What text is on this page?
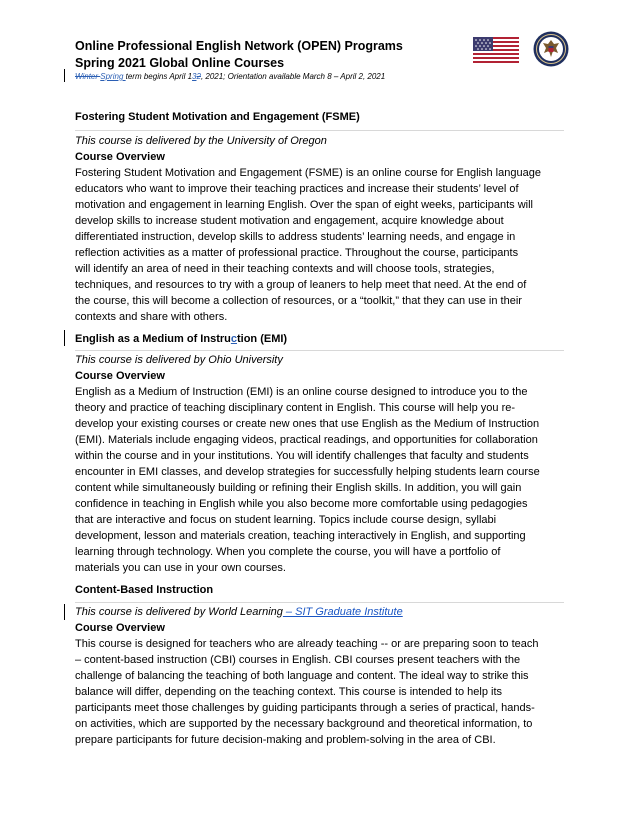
Online Professional English Network (OPEN) Programs
Spring 2021 Global Online Courses
Winter Spring term begins April 132, 2021; Orientation available March 8 – April 2, 2021
Fostering Student Motivation and Engagement (FSME)
This course is delivered by the University of Oregon
Course Overview
Fostering Student Motivation and Engagement (FSME) is an online course for English language
educators who want to improve their teaching practices and increase their students’ level of
motivation and engagement in learning English. Over the span of eight weeks, participants will
develop skills to increase student motivation and engagement, acquire knowledge about
differentiated instruction, develop skills to address students’ learning needs, and engage in
reflection activities as a matter of professional practice. Throughout the course, participants
will identify an area of need in their teaching contexts and will choose tools, strategies,
techniques, and resources to try with a group of leaners to help meet that need. At the end of
the course, this will become a collection of resources, or a “toolkit,” that they can use in their
contexts and share with others.
English as a Medium of Instruction (EMI)
This course is delivered by Ohio University
Course Overview
English as a Medium of Instruction (EMI) is an online course designed to introduce you to the
theory and practice of teaching disciplinary content in English. This course will help you re-
develop your existing courses or create new ones that use English as the Medium of Instruction
(EMI). Materials include engaging videos, practical readings, and opportunities for collaboration
within the course and in your institutions. You will identify challenges that faculty and students
encounter in EMI classes, and develop strategies for successfully helping students learn course
content while simultaneously building or refining their English skills. In addition, you will gain
confidence in teaching in English while you also become more comfortable using pedagogies
that are interactive and focus on student learning. Topics include course design, syllabi
development, lesson and materials creation, teaching interactively in English, and supporting
learning through technology. When you complete the course, you will have a portfolio of
materials you can use in your own courses.
Content-Based Instruction
This course is delivered by World Learning – SIT Graduate Institute
Course Overview
This course is designed for teachers who are already teaching -- or are preparing soon to teach
– content-based instruction (CBI) courses in English. CBI courses present teachers with the
challenge of balancing the teaching of both language and content. The ideal way to strike this
balance will differ, depending on the teaching context. This course is intended to help its
participants meet those challenges by guiding participants through a series of practical, hands-
on activities, which are supported by the necessary background and theoretical information, to
prepare participants for future decision-making and problem-solving in the area of CBI.
